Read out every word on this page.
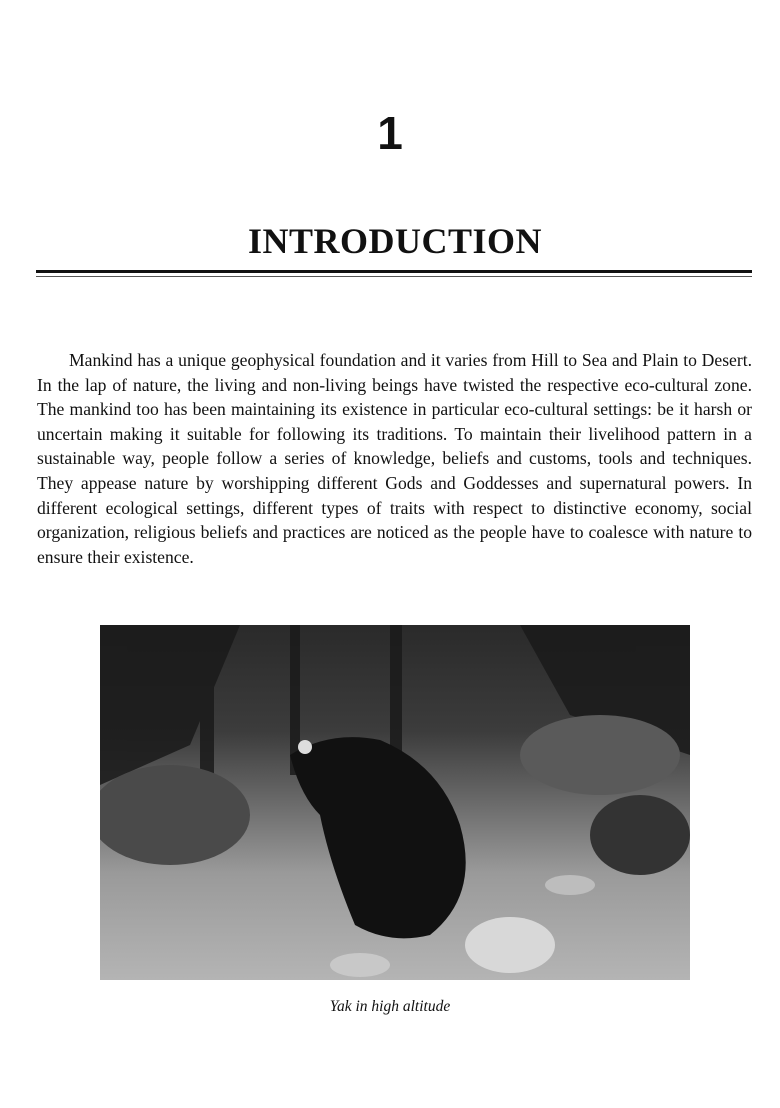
1
INTRODUCTION

Mankind has a unique geophysical foundation and it varies from Hill to Sea and Plain to Desert. In the lap of nature, the living and non-living beings have twisted the respective eco-cultural zone. The mankind too has been maintaining its existence in particular eco-cultural settings: be it harsh or uncertain making it suitable for following its traditions. To maintain their livelihood pattern in a sustainable way, people follow a series of knowledge, beliefs and customs, tools and techniques. They appease nature by worshipping different Gods and Goddesses and supernatural powers. In different ecological settings, different types of traits with respect to distinctive economy, social organization, religious beliefs and practices are noticed as the people have to coalesce with nature to ensure their existence.

Yak in high altitude
